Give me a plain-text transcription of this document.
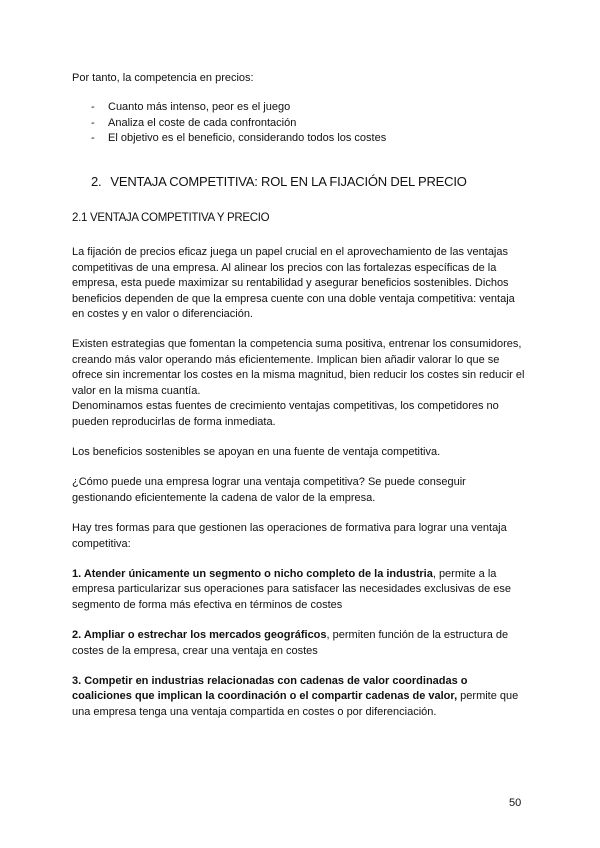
Por tanto, la competencia en precios:

- Cuanto más intenso, peor es el juego
- Analiza el coste de cada confrontación
- El objetivo es el beneficio, considerando todos los costes
2. VENTAJA COMPETITIVA: ROL EN LA FIJACIÓN DEL PRECIO
2.1 VENTAJA COMPETITIVA Y PRECIO

La fijación de precios eficaz juega un papel crucial en el aprovechamiento de las ventajas competitivas de una empresa. Al alinear los precios con las fortalezas específicas de la empresa, esta puede maximizar su rentabilidad y asegurar beneficios sostenibles. Dichos beneficios dependen de que la empresa cuente con una doble ventaja competitiva: ventaja en costes y en valor o diferenciación.

Existen estrategias que fomentan la competencia suma positiva, entrenar los consumidores, creando más valor operando más eficientemente. Implican bien añadir valorar lo que se ofrece sin incrementar los costes en la misma magnitud, bien reducir los costes sin reducir el valor en la misma cuantía.

Denominamos estas fuentes de crecimiento ventajas competitivas, los competidores no pueden reproducirlas de forma inmediata.

Los beneficios sostenibles se apoyan en una fuente de ventaja competitiva.

¿Cómo puede una empresa lograr una ventaja competitiva? Se puede conseguir gestionando eficientemente la cadena de valor de la empresa.

Hay tres formas para que gestionen las operaciones de formativa para lograr una ventaja competitiva:

1. Atender únicamente un segmento o nicho completo de la industria, permite a la empresa particularizar sus operaciones para satisfacer las necesidades exclusivas de ese segmento de forma más efectiva en términos de costes

2. Ampliar o estrechar los mercados geográficos, permiten función de la estructura de costes de la empresa, crear una ventaja en costes

3. Competir en industrias relacionadas con cadenas de valor coordinadas o coaliciones que implican la coordinación o el compartir cadenas de valor, permite que una empresa tenga una ventaja compartida en costes o por diferenciación.

50
